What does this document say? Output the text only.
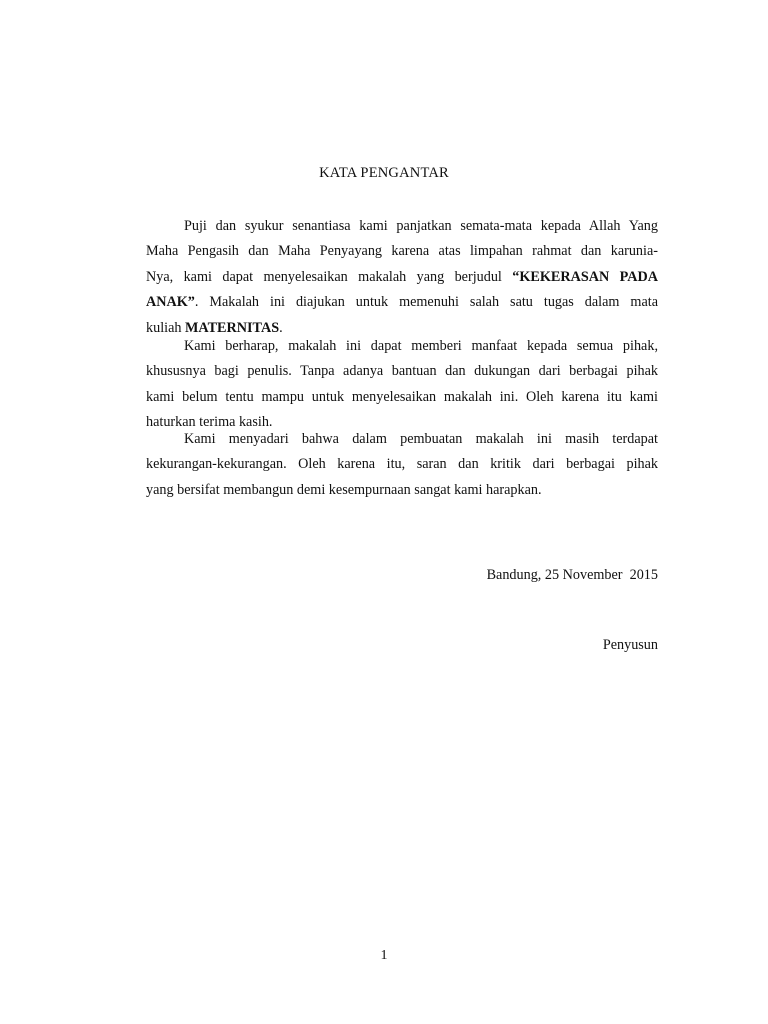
KATA PENGANTAR
Puji dan syukur senantiasa kami panjatkan semata-mata kepada Allah Yang
Maha Pengasih dan Maha Penyayang karena atas limpahan rahmat dan karunia-
Nya, kami dapat menyelesaikan makalah yang berjudul “KEKERASAN PADA
ANAK”. Makalah ini diajukan untuk memenuhi salah satu tugas dalam mata
kuliah MATERNITAS.
Kami berharap, makalah ini dapat memberi manfaat kepada semua pihak,
khususnya bagi penulis. Tanpa adanya bantuan dan dukungan dari berbagai pihak
kami belum tentu mampu untuk menyelesaikan makalah ini. Oleh karena itu kami
haturkan terima kasih.
Kami menyadari bahwa dalam pembuatan makalah ini masih terdapat
kekurangan-kekurangan. Oleh karena itu, saran dan kritik dari berbagai pihak
yang bersifat membangun demi kesempurnaan sangat kami harapkan.
Bandung, 25 November  2015
Penyusun
1
